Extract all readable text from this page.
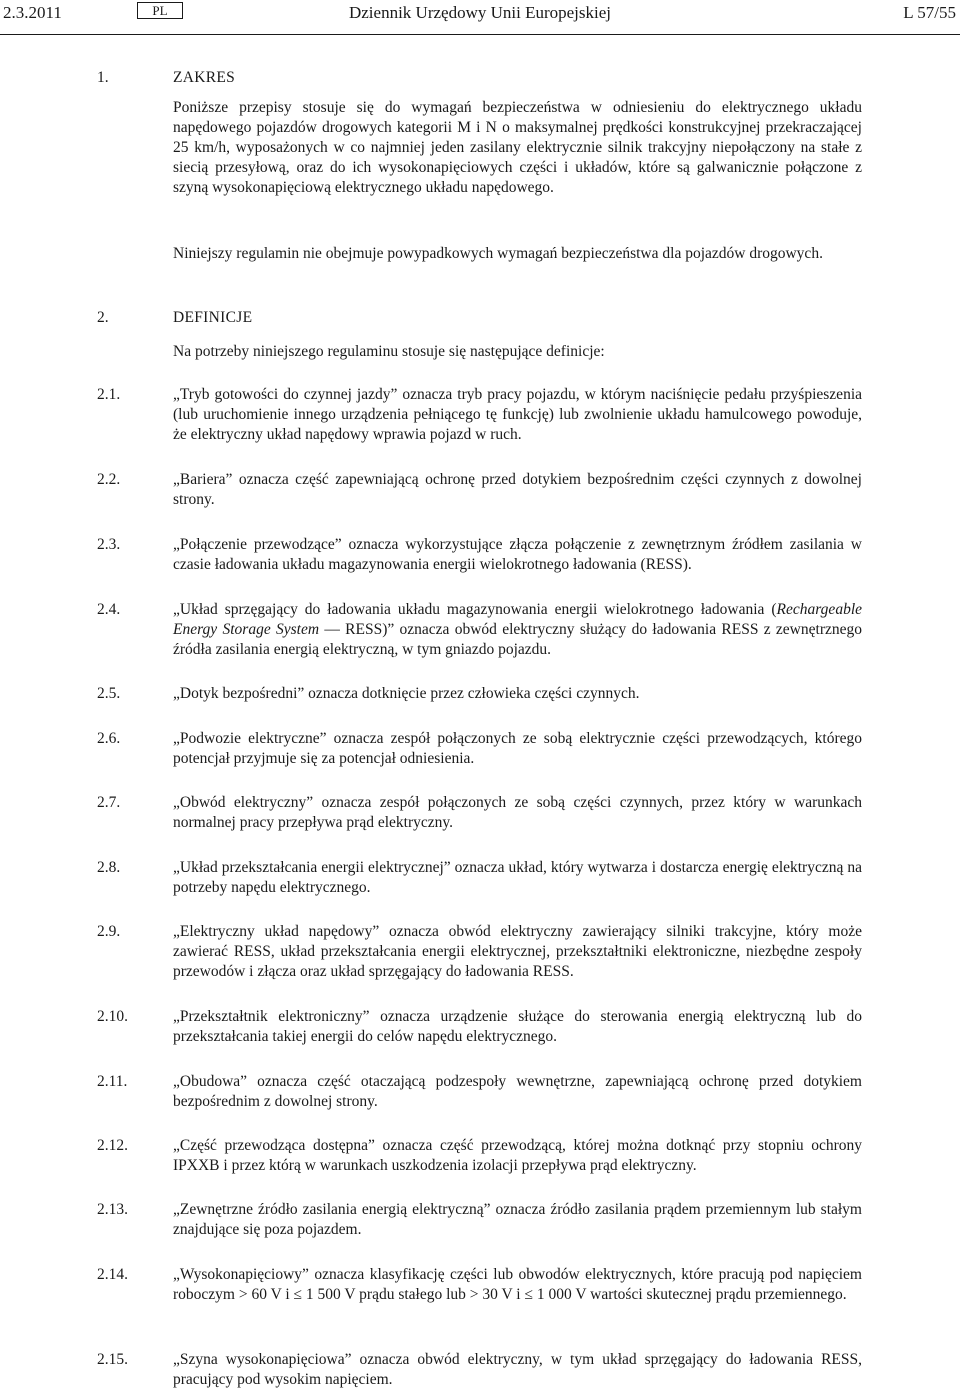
2.3.2011	PL	Dziennik Urzędowy Unii Europejskiej	L 57/55
1.	ZAKRES
Poniższe przepisy stosuje się do wymagań bezpieczeństwa w odniesieniu do elektrycznego układu napędowego pojazdów drogowych kategorii M i N o maksymalnej prędkości konstrukcyjnej przekraczającej 25 km/h, wyposażonych w co najmniej jeden zasilany elektrycznie silnik trakcyjny niepołączony na stałe z siecią przesyłową, oraz do ich wysokonapięciowych części i układów, które są galwanicznie połączone z szyną wysokonapięciową elektrycznego układu napędowego.
Niniejszy regulamin nie obejmuje powypadkowych wymagań bezpieczeństwa dla pojazdów drogowych.
2.	DEFINICJE
Na potrzeby niniejszego regulaminu stosuje się następujące definicje:
2.1.	„Tryb gotowości do czynnej jazdy” oznacza tryb pracy pojazdu, w którym naciśnięcie pedału przyśpieszenia (lub uruchomienie innego urządzenia pełniącego tę funkcję) lub zwolnienie układu hamulcowego powoduje, że elektryczny układ napędowy wprawia pojazd w ruch.
2.2.	„Bariera” oznacza część zapewniającą ochronę przed dotykiem bezpośrednim części czynnych z dowolnej strony.
2.3.	„Połączenie przewodzące” oznacza wykorzystujące złącza połączenie z zewnętrznym źródłem zasilania w czasie ładowania układu magazynowania energii wielokrotnego ładowania (RESS).
2.4.	„Układ sprzęgający do ładowania układu magazynowania energii wielokrotnego ładowania (Rechargeable Energy Storage System — RESS)” oznacza obwód elektryczny służący do ładowania RESS z zewnętrznego źródła zasilania energią elektryczną, w tym gniazdo pojazdu.
2.5.	„Dotyk bezpośredni” oznacza dotknięcie przez człowieka części czynnych.
2.6.	„Podwozie elektryczne” oznacza zespół połączonych ze sobą elektrycznie części przewodzących, którego potencjał przyjmuje się za potencjał odniesienia.
2.7.	„Obwód elektryczny” oznacza zespół połączonych ze sobą części czynnych, przez który w warunkach normalnej pracy przepływa prąd elektryczny.
2.8.	„Układ przekształcania energii elektrycznej” oznacza układ, który wytwarza i dostarcza energię elektryczną na potrzeby napędu elektrycznego.
2.9.	„Elektryczny układ napędowy” oznacza obwód elektryczny zawierający silniki trakcyjne, który może zawierać RESS, układ przekształcania energii elektrycznej, przekształtniki elektroniczne, niezbędne zespoły przewodów i złącza oraz układ sprzęgający do ładowania RESS.
2.10.	„Przekształtnik elektroniczny” oznacza urządzenie służące do sterowania energią elektryczną lub do przekształcania takiej energii do celów napędu elektrycznego.
2.11.	„Obudowa” oznacza część otaczającą podzespoły wewnętrzne, zapewniającą ochronę przed dotykiem bezpośrednim z dowolnej strony.
2.12.	„Część przewodząca dostępna” oznacza część przewodzącą, której można dotknąć przy stopniu ochrony IPXXB i przez którą w warunkach uszkodzenia izolacji przepływa prąd elektryczny.
2.13.	„Zewnętrzne źródło zasilania energią elektryczną” oznacza źródło zasilania prądem przemiennym lub stałym znajdujące się poza pojazdem.
2.14.	„Wysokonapięciowy” oznacza klasyfikację części lub obwodów elektrycznych, które pracują pod napięciem roboczym > 60 V i ≤ 1 500 V prądu stałego lub > 30 V i ≤ 1 000 V wartości skutecznej prądu przemiennego.
2.15.	„Szyna wysokonapięciowa” oznacza obwód elektryczny, w tym układ sprzęgający do ładowania RESS, pracujący pod wysokim napięciem.
